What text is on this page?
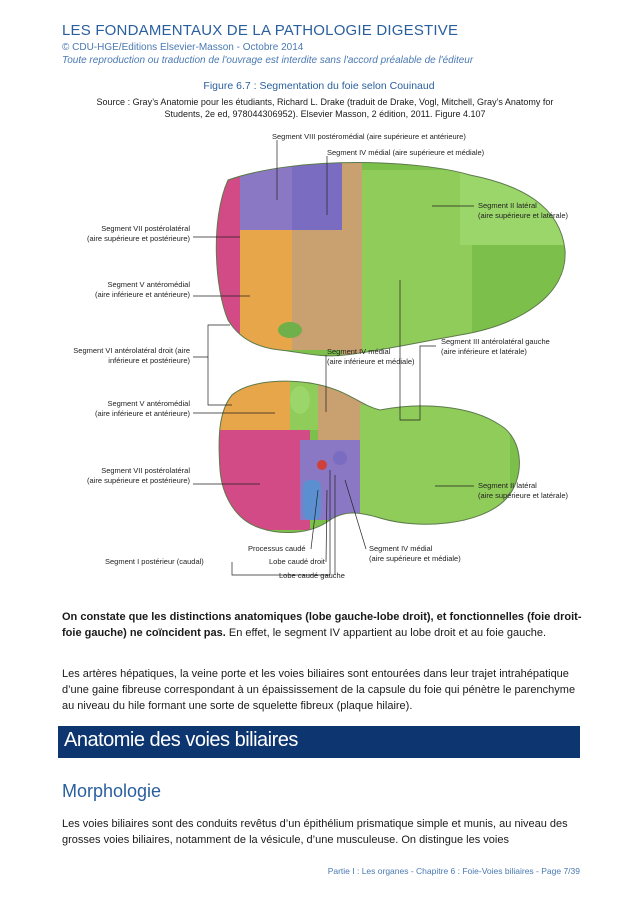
LES FONDAMENTAUX DE LA PATHOLOGIE DIGESTIVE
© CDU-HGE/Editions Elsevier-Masson - Octobre 2014
Toute reproduction ou traduction de l'ouvrage est interdite sans l'accord préalable de l'éditeur
Figure 6.7 : Segmentation du foie selon Couinaud
Source : Gray’s Anatomie pour les étudiants, Richard L. Drake (traduit de Drake, Vogl, Mitchell, Gray’s Anatomy for
Students, 2e ed, 978044306952). Elsevier Masson, 2 édition, 2011. Figure 4.107
Segment VIII postéromédial (aire supérieure et antérieure)
Segment IV médial (aire supérieure et médiale)
Segment II latéral
(aire supérieure et latérale)
Segment VII postérolatéral
(aire supérieure et postérieure)
Segment V antéromédial
(aire inférieure et antérieure)
Segment III antérolatéral gauche
(aire inférieure et latérale)
Segment VI antérolatéral droit (aire
inférieure et postérieure)
Segment IV médial
(aire inférieure et médiale)
Segment V antéromédial
(aire inférieure et antérieure)
Segment VII postérolatéral
(aire supérieure et postérieure)
Segment II latéral
(aire supérieure et latérale)
Processus caudé	Segment IV médial
(aire supérieure et médiale)
Segment I postérieur (caudal)	Lobe caudé droit
Lobe caudé gauche
On constate que les distinctions anatomiques (lobe gauche-lobe droit), et fonctionnelles (foie droit-foie gauche) ne coïncident pas. En effet, le segment IV appartient au lobe droit et au foie gauche.
Les artères hépatiques, la veine porte et les voies biliaires sont entourées dans leur trajet intrahépatique d’une gaine fibreuse correspondant à un épaississement de la capsule du foie qui pénètre le parenchyme au niveau du hile formant une sorte de squelette fibreux (plaque hilaire).
Anatomie des voies biliaires
Morphologie
Les voies biliaires sont des conduits revêtus d’un épithélium prismatique simple et munis, au niveau des grosses voies biliaires, notamment de la vésicule, d’une musculeuse. On distingue les voies
Partie I : Les organes - Chapitre 6 : Foie-Voies biliaires - Page 7/39
